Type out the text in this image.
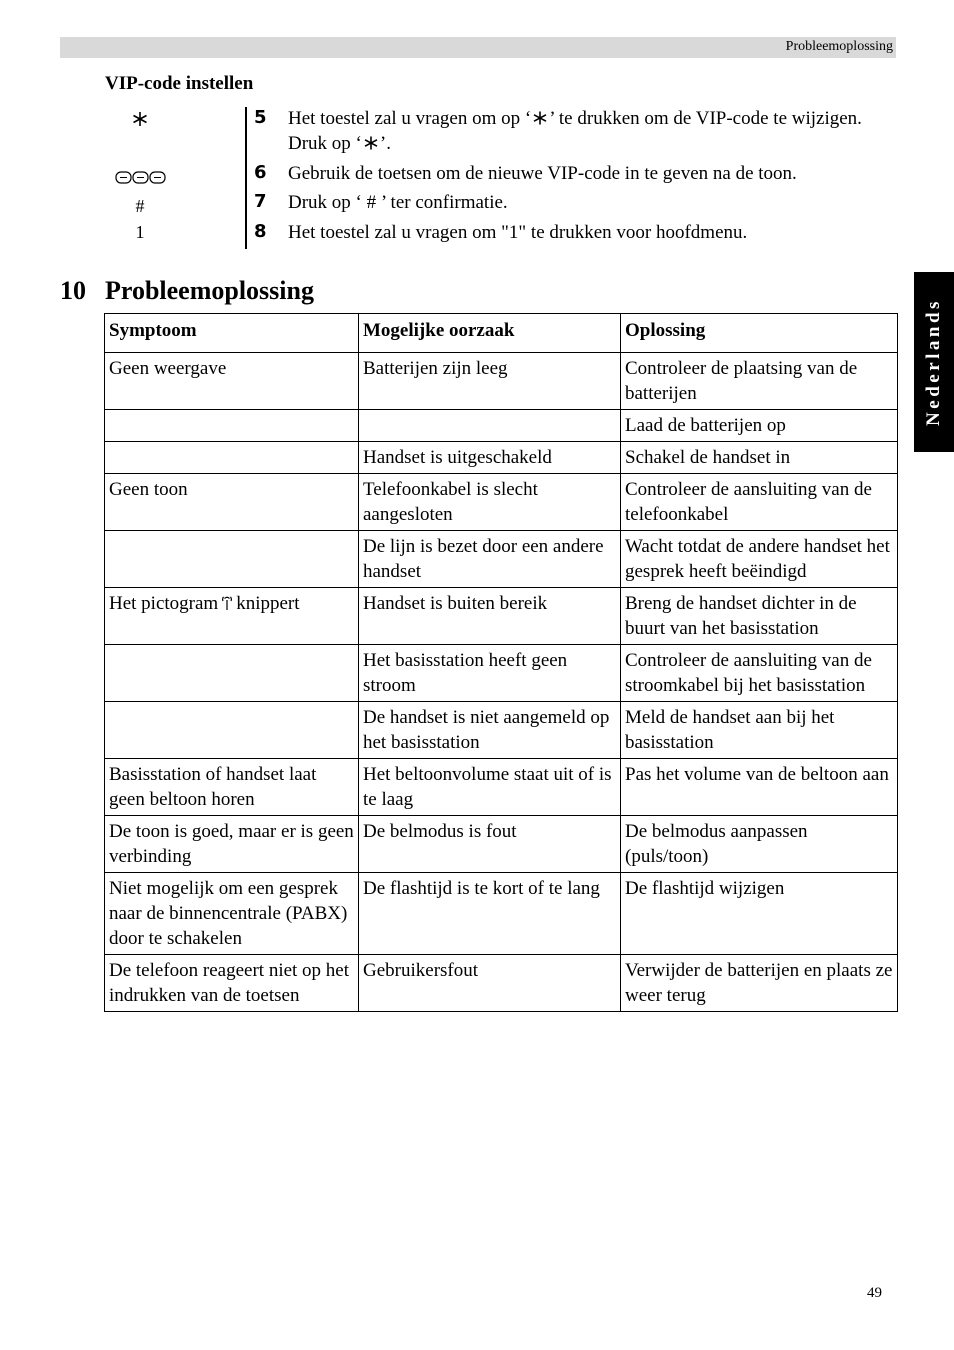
Probleemoplossing
Nederlands
VIP-code instellen
#
1
5 Het toestel zal u vragen om op ‘ ’ te drukken om de VIP-code te wijzigen.
Druk op ‘ ’.
6 Gebruik de toetsen om de nieuwe VIP-code in te geven na de toon.
7 Druk op ‘ # ’ ter confirmatie.
8 Het toestel zal u vragen om "1" te drukken voor hoofdmenu.
10 Probleemoplossing
Symptoom	Mogelijke oorzaak	Oplossing
Geen weergave	Batterijen zijn leeg	Controleer de plaatsing van de batterijen
		Laad de batterijen op
	Handset is uitgeschakeld	Schakel de handset in
Geen toon	Telefoonkabel is slecht aangesloten	Controleer de aansluiting van de telefoonkabel
	De lijn is bezet door een andere handset	Wacht totdat de andere handset het gesprek heeft beëindigd
Het pictogram knippert	Handset is buiten bereik	Breng de handset dichter in de buurt van het basisstation
	Het basisstation heeft geen stroom	Controleer de aansluiting van de stroomkabel bij het basisstation
	De handset is niet aangemeld op het basisstation	Meld de handset aan bij het basisstation
Basisstation of handset laat geen beltoon horen	Het beltoonvolume staat uit of is te laag	Pas het volume van de beltoon aan
De toon is goed, maar er is geen verbinding	De belmodus is fout	De belmodus aanpassen (puls/toon)
Niet mogelijk om een gesprek naar de binnencentrale (PABX) door te schakelen	De flashtijd is te kort of te lang	De flashtijd wijzigen
De telefoon reageert niet op het indrukken van de toetsen	Gebruikersfout	Verwijder de batterijen en plaats ze weer terug
49
